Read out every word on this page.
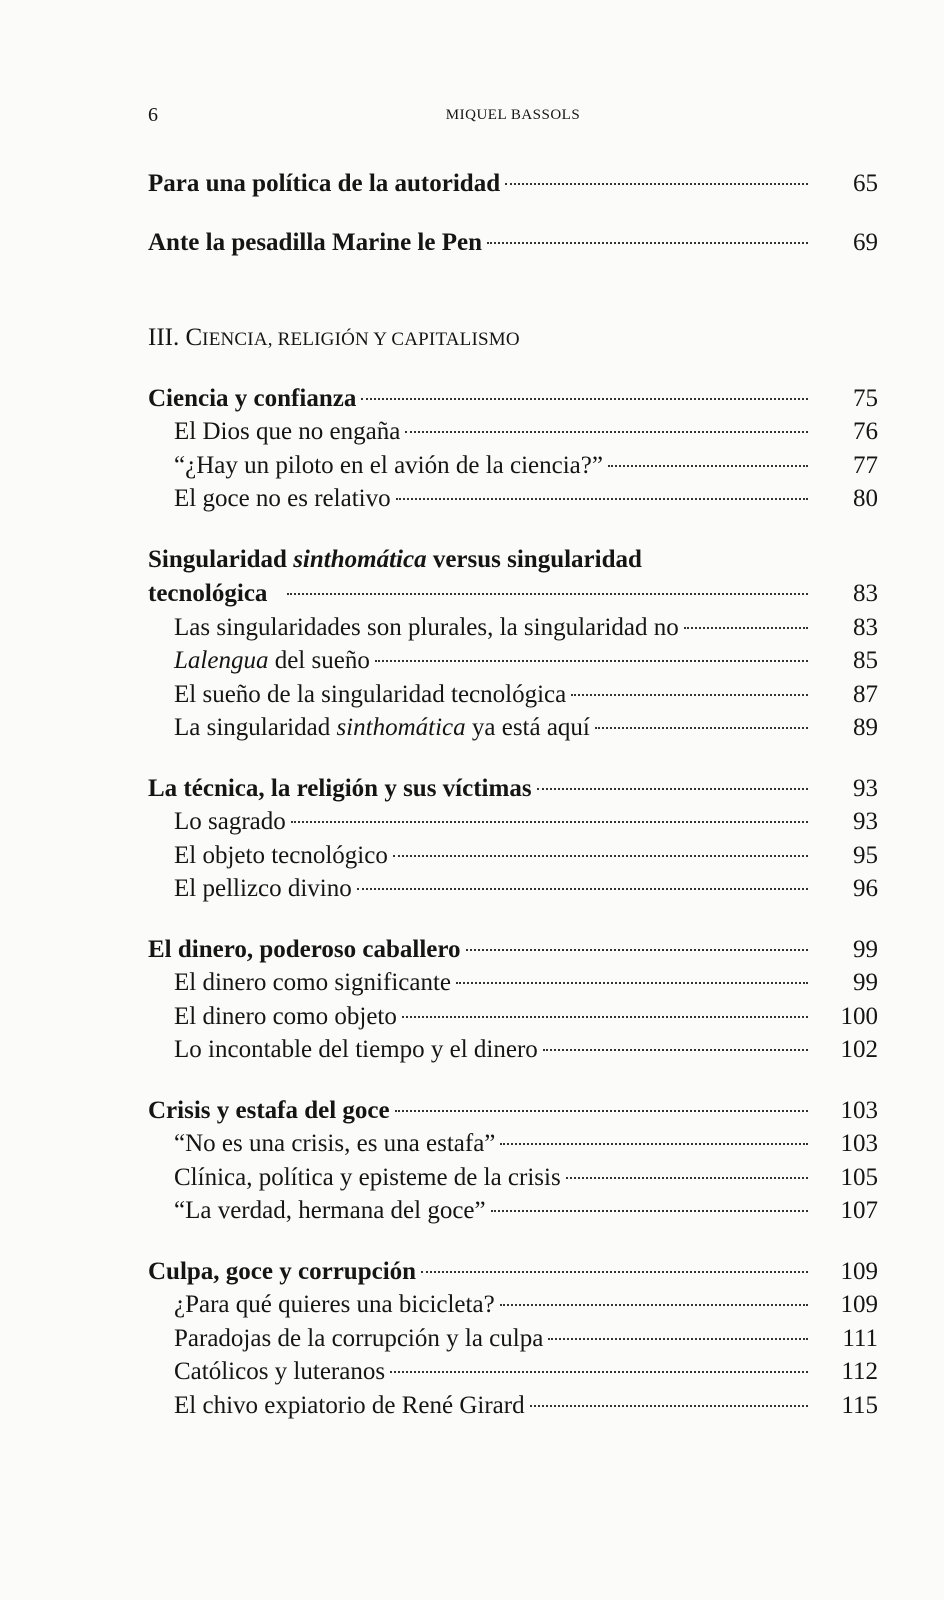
6	MIQUEL BASSOLS
Para una política de la autoridad	65
Ante la pesadilla Marine le Pen	69
III. CIENCIA, RELIGIÓN Y CAPITALISMO
Ciencia y confianza	75
El Dios que no engaña	76
“¿Hay un piloto en el avión de la ciencia?”	77
El goce no es relativo	80
Singularidad sinthomática versus singularidad
tecnológica	83
Las singularidades son plurales, la singularidad no	83
Lalengua del sueño	85
El sueño de la singularidad tecnológica	87
La singularidad sinthomática ya está aquí	89
La técnica, la religión y sus víctimas	93
Lo sagrado	93
El objeto tecnológico	95
El pellizco divino	96
El dinero, poderoso caballero	99
El dinero como significante	99
El dinero como objeto	100
Lo incontable del tiempo y el dinero	102
Crisis y estafa del goce	103
“No es una crisis, es una estafa”	103
Clínica, política y episteme de la crisis	105
“La verdad, hermana del goce”	107
Culpa, goce y corrupción	109
¿Para qué quieres una bicicleta?	109
Paradojas de la corrupción y la culpa	111
Católicos y luteranos	112
El chivo expiatorio de René Girard	115
